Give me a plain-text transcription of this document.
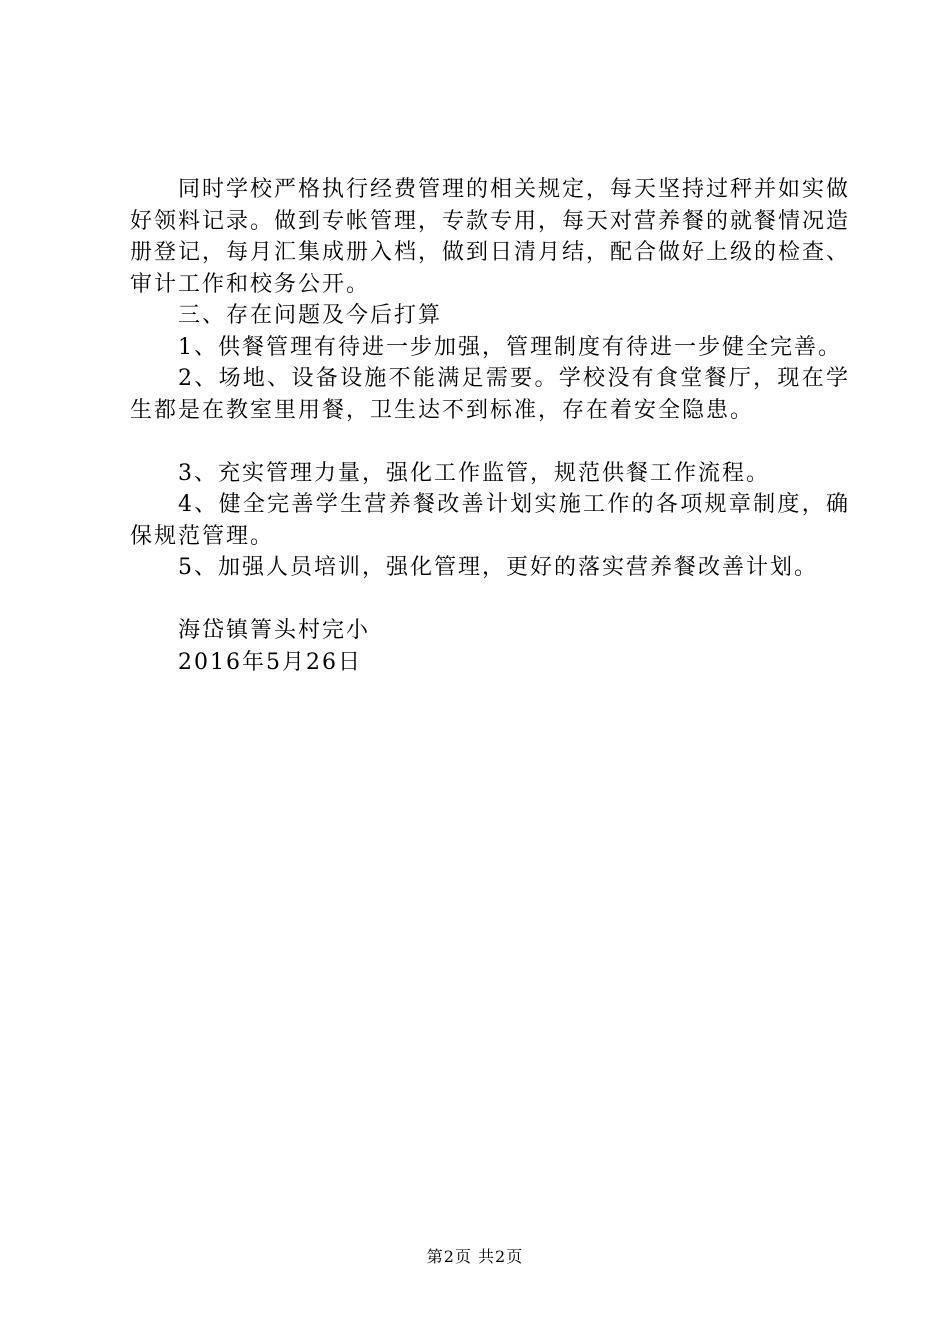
同时学校严格执行经费管理的相关规定，每天坚持过秤并如实做好领料记录。做到专帐管理，专款专用，每天对营养餐的就餐情况造册登记，每月汇集成册入档，做到日清月结，配合做好上级的检查、审计工作和校务公开。

三、存在问题及今后打算

1、供餐管理有待进一步加强，管理制度有待进一步健全完善。

2、场地、设备设施不能满足需要。学校没有食堂餐厅，现在学生都是在教室里用餐，卫生达不到标准，存在着安全隐患。

3、充实管理力量，强化工作监管，规范供餐工作流程。

4、健全完善学生营养餐改善计划实施工作的各项规章制度，确保规范管理。

5、加强人员培训，强化管理，更好的落实营养餐改善计划。

海岱镇箐头村完小

2016年5月26日

第2页 共2页
